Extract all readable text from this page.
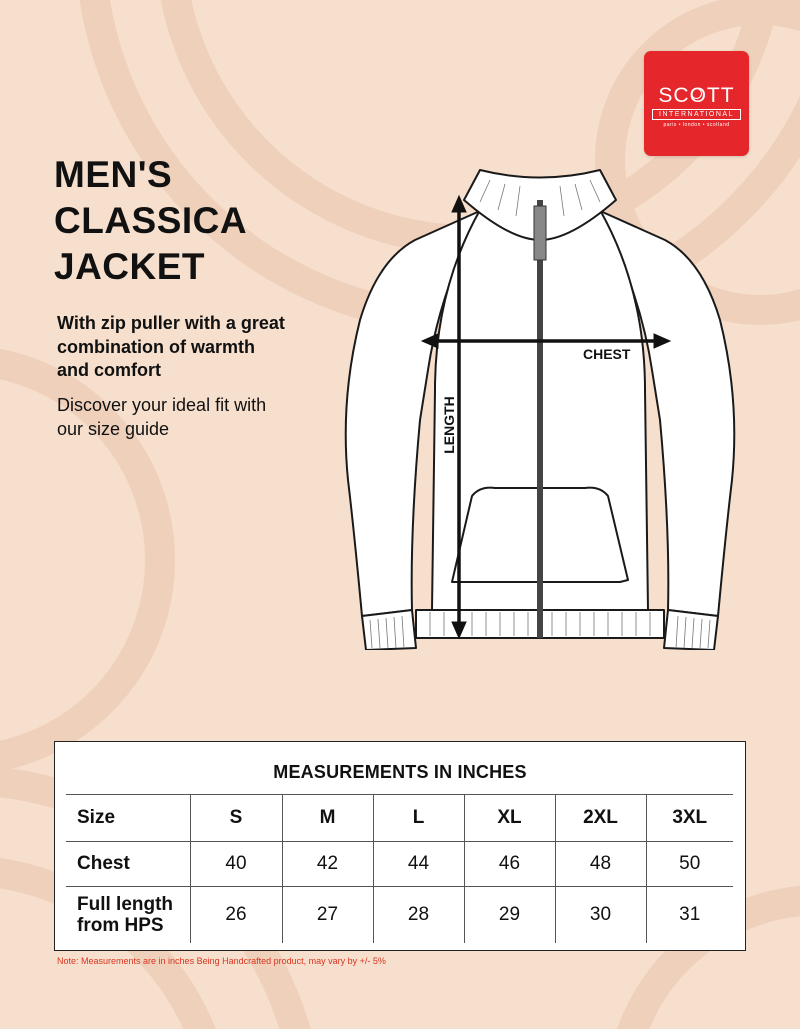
SCOTT
INTERNATIONAL
paris • london • scotland
MEN'S
CLASSICA
JACKET

With zip puller with a great combination of warmth and comfort

Discover your ideal fit with our size guide

CHEST
LENGTH
MEASUREMENTS IN INCHES
Size	S	M	L	XL	2XL	3XL
Chest	40	42	44	46	48	50
Full length from HPS	26	27	28	29	30	31

Note: Measurements are in inches Being Handcrafted product, may vary by +/- 5%
